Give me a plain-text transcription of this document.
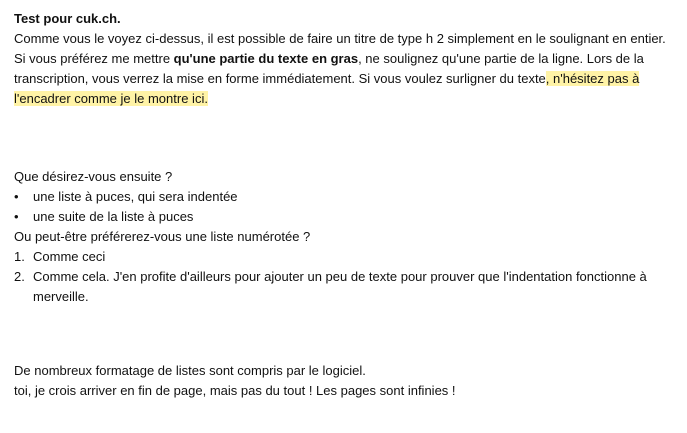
Test pour cuk.ch.

Comme vous le voyez ci-dessus, il est possible de faire un titre de type h 2 simplement en le soulignant en entier.
Si vous préférez me mettre qu'une partie du texte en gras, ne soulignez qu'une partie de la ligne. Lors de la transcription, vous verrez la mise en forme immédiatement. Si vous voulez surligner du texte, n'hésitez pas à l'encadrer comme je le montre ici.

Que désirez-vous ensuite ?
•	une liste à puces, qui sera indentée
•	une suite de la liste à puces
Ou peut-être préférerez-vous une liste numérotée ?
1. Comme ceci
2. Comme cela. J'en profite d'ailleurs pour ajouter un peu de texte pour prouver que l'indentation fonctionne à merveille.
De nombreux formatage de listes sont compris par le logiciel.
toi, je crois arriver en fin de page, mais pas du tout ! Les pages sont infinies !
